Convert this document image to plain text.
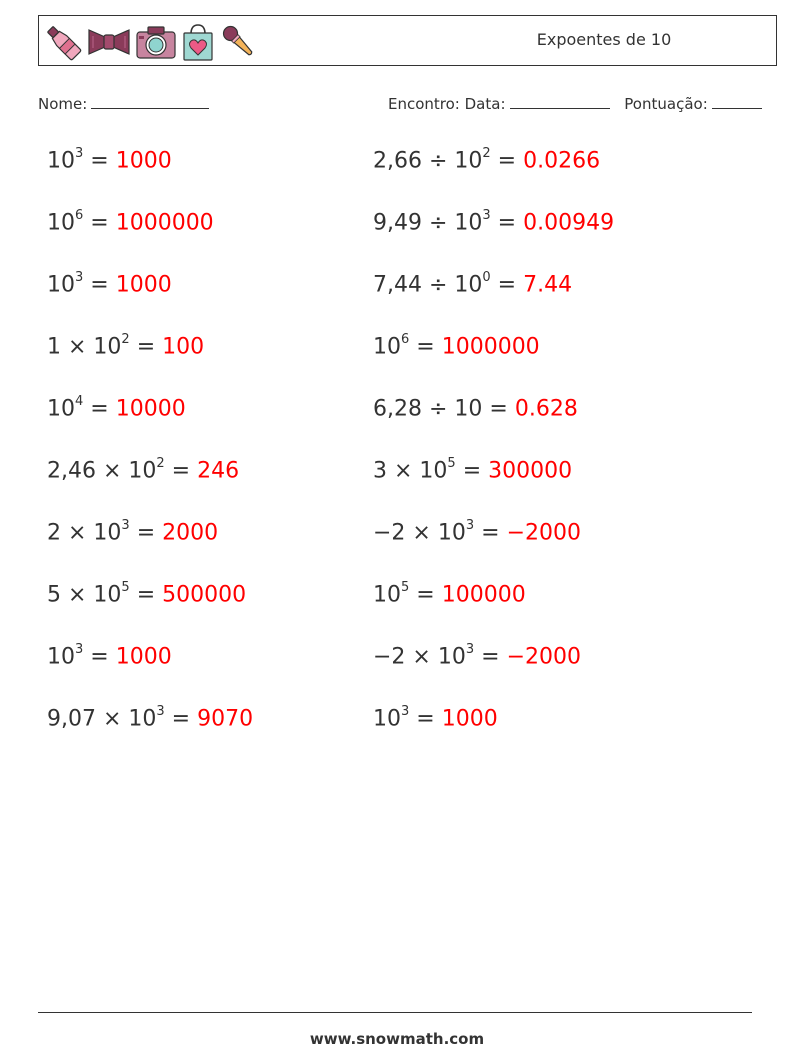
Expoentes de 10
Nome:	Encontro: Data:	Pontuação:
$10^3 = 1000$	$2,66 \div 10^2 = 0.0266$
$10^6 = 1000000$	$9,49 \div 10^3 = 0.00949$
$10^3 = 1000$	$7,44 \div 10^0 = 7.44$
$1 \times 10^2 = 100$	$10^6 = 1000000$
$10^4 = 10000$	6,28 ÷ 10 = 0.628
$2,46 \times 10^2 = 246$	$3 \times 10^5 = 300000$
$2 \times 10^3 = 2000$	$-2 \times 10^3 = -2000$
$5 \times 10^5 = 500000$	$10^5 = 100000$
$10^3 = 1000$	$-2 \times 10^3 = -2000$
$9,07 \times 10^3 = 9070$	$10^3 = 1000$
www.snowmath.com
